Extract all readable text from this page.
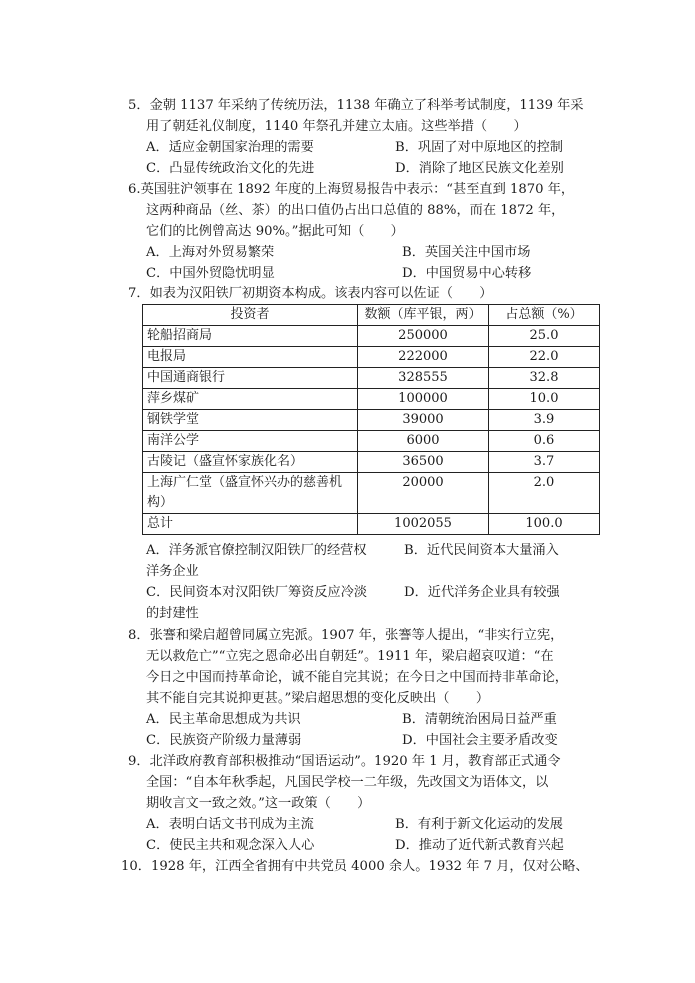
5．金朝 1137 年采纳了传统历法，1138 年确立了科举考试制度，1139 年采
用了朝廷礼仪制度，1140 年祭孔并建立太庙。这些举措（　　）
A．适应金朝国家治理的需要	B．巩固了对中原地区的控制
C．凸显传统政治文化的先进	D．消除了地区民族文化差别
6.英国驻沪领事在 1892 年度的上海贸易报告中表示：“甚至直到 1870 年，
这两种商品（丝、茶）的出口值仍占出口总值的 88%，而在 1872 年，
它们的比例曾高达 90%。”据此可知（　　）
A．上海对外贸易繁荣	B．英国关注中国市场
C．中国外贸隐忧明显	D．中国贸易中心转移
7．如表为汉阳铁厂初期资本构成。该表内容可以佐证（　　）
投资者	数额（库平银，两）	占总额（%）
轮船招商局	250000	25.0
电报局	222000	22.0
中国通商银行	328555	32.8
萍乡煤矿	100000	10.0
钢铁学堂	39000	3.9
南洋公学	6000	0.6
古陵记（盛宣怀家族化名）	36500	3.7
上海广仁堂（盛宣怀兴办的慈善机构）	20000	2.0
总计	1002055	100.0
A．洋务派官僚控制汉阳铁厂的经营权	B．近代民间资本大量涌入
洋务企业
C．民间资本对汉阳铁厂筹资反应冷淡	D．近代洋务企业具有较强
的封建性
8．张謇和梁启超曾同属立宪派。1907 年，张謇等人提出，“非实行立宪，
无以救危亡”“立宪之恩命必出自朝廷”。1911 年，梁启超哀叹道：“在
今日之中国而持革命论，诚不能自完其说；在今日之中国而持非革命论，
其不能自完其说抑更甚。”梁启超思想的变化反映出（　　）
A．民主革命思想成为共识	B．清朝统治困局日益严重
C．民族资产阶级力量薄弱	D．中国社会主要矛盾改变
9．北洋政府教育部积极推动“国语运动”。1920 年 1 月，教育部正式通令
全国：“自本年秋季起，凡国民学校一二年级，先改国文为语体文，以
期收言文一致之效。”这一政策（　　）
A．表明白话文书刊成为主流	B．有利于新文化运动的发展
C．使民主共和观念深入人心	D．推动了近代新式教育兴起
10．1928 年，江西全省拥有中共党员 4000 余人。1932 年 7 月，仅对公略、
